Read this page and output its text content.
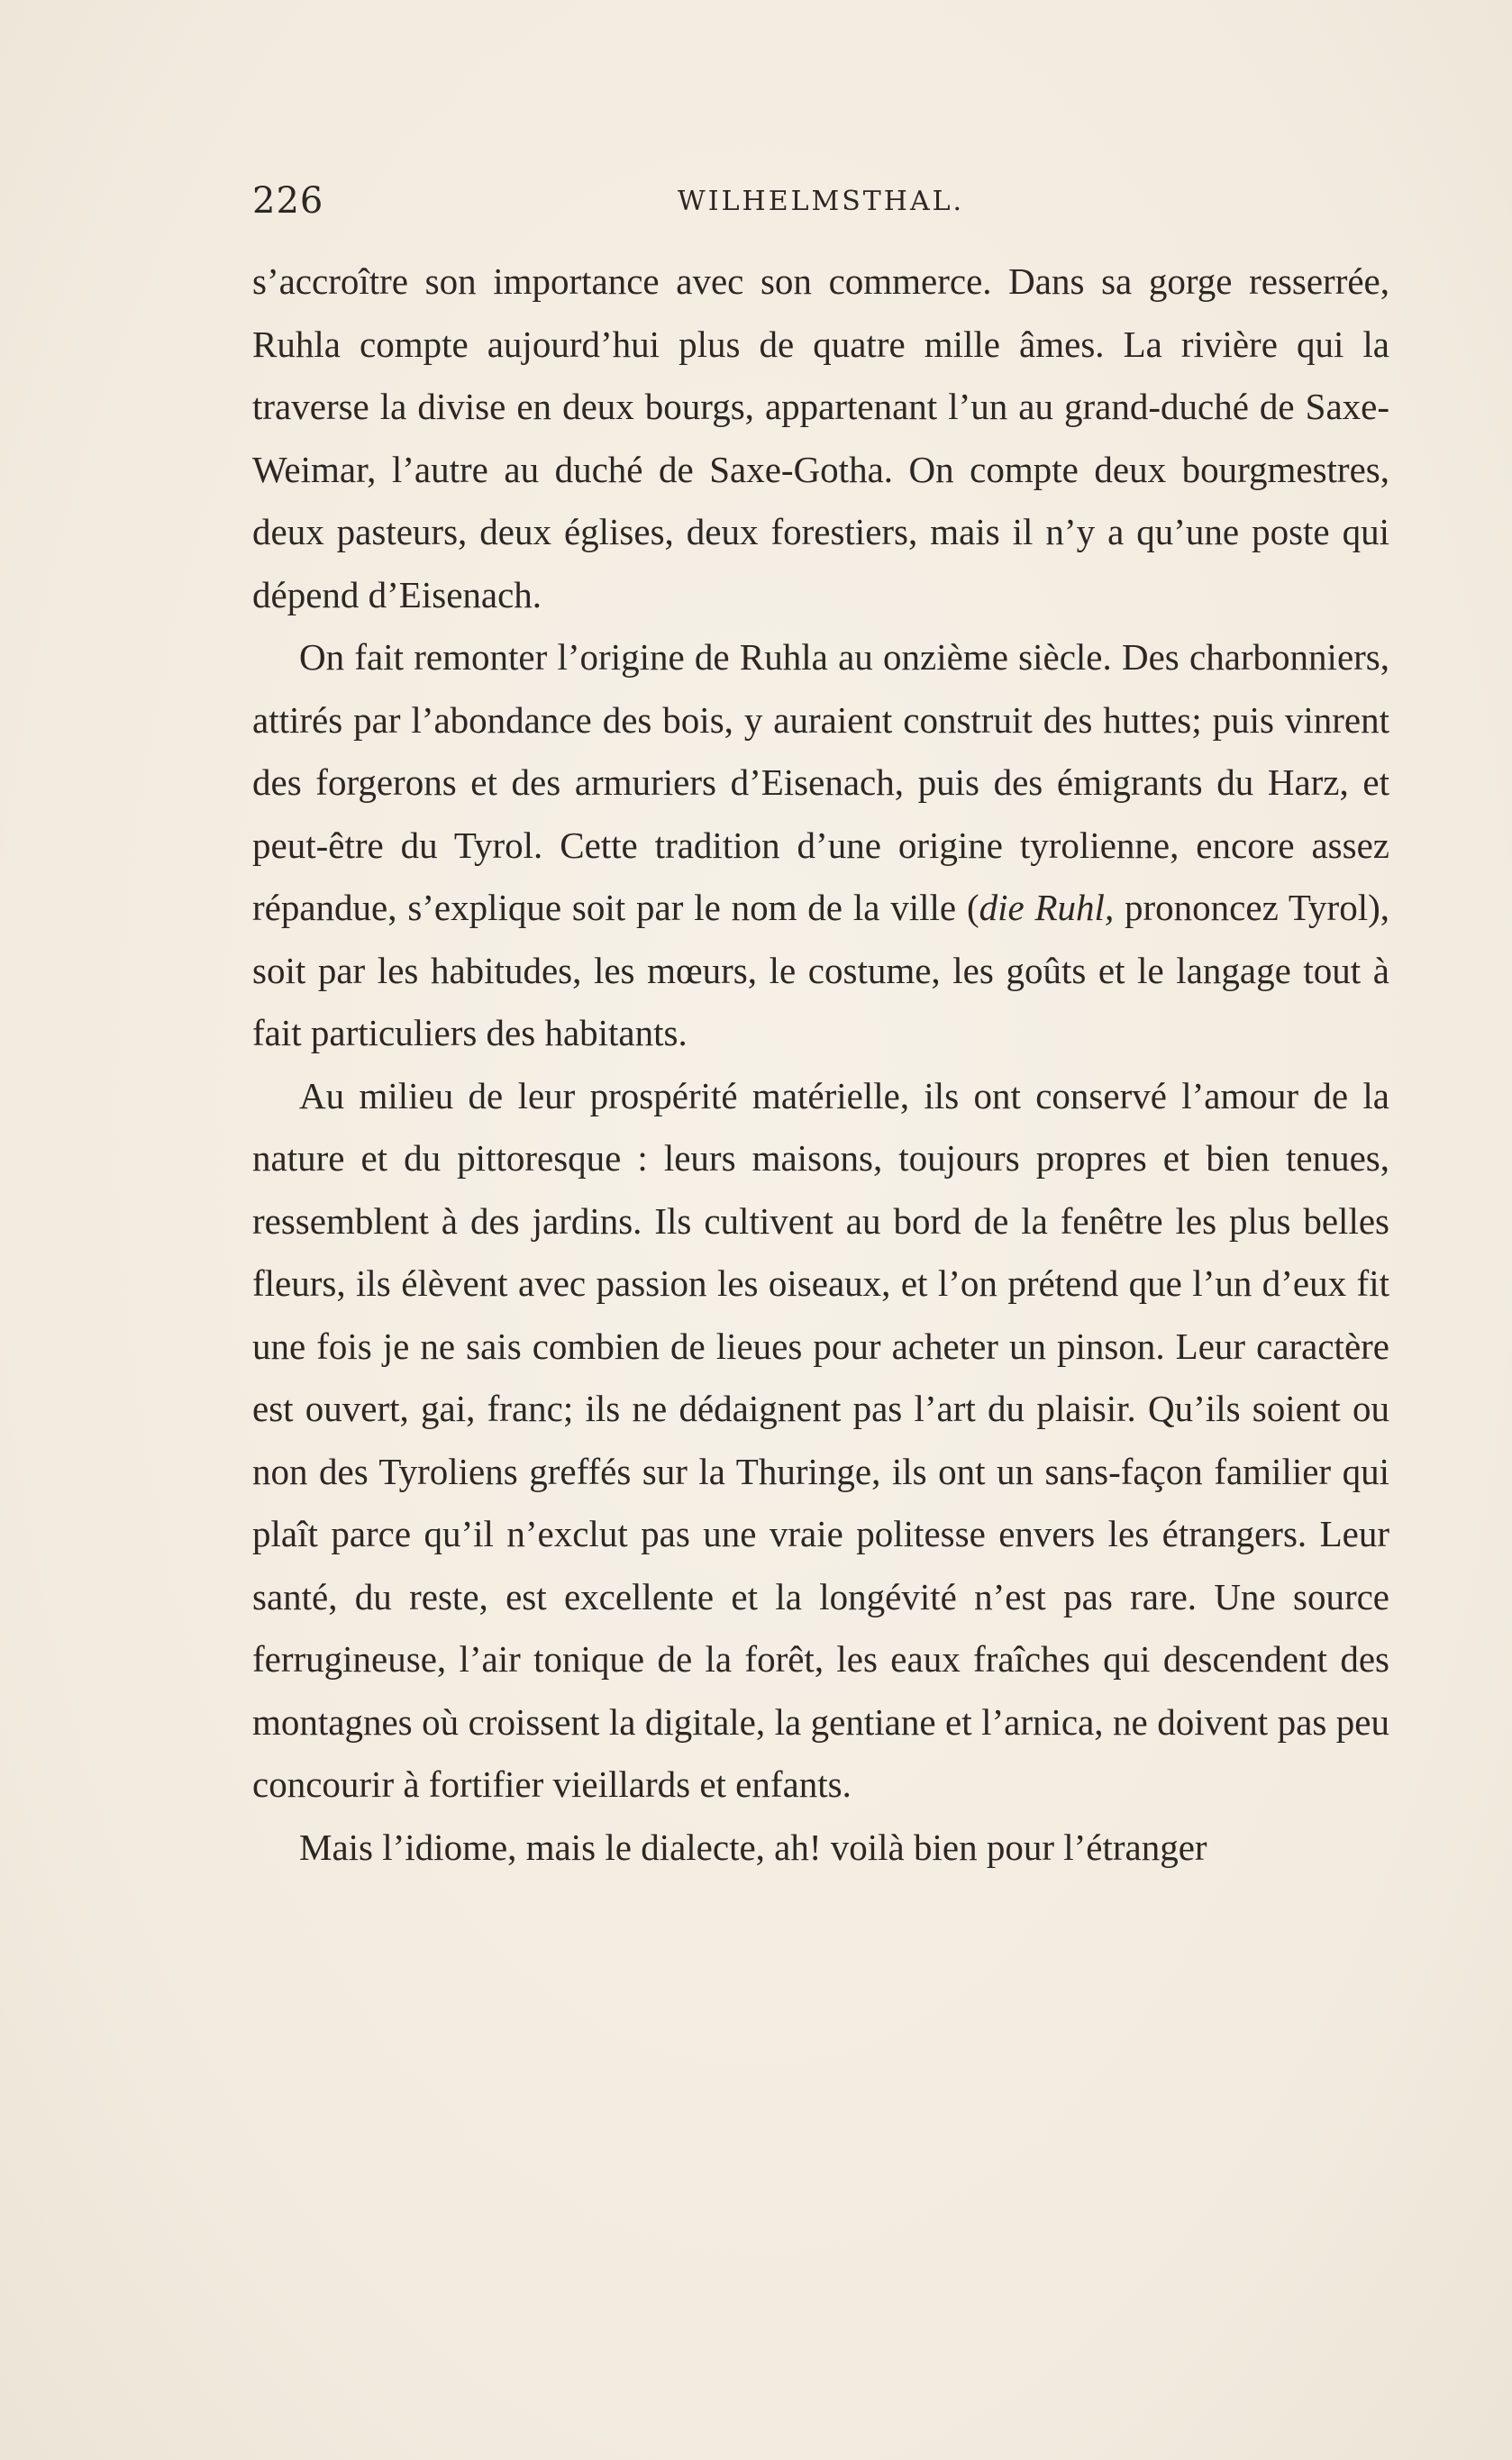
226	WILHELMSTHAL.

s’accroître son importance avec son commerce. Dans sa gorge resserrée, Ruhla compte aujourd’hui plus de quatre mille âmes. La rivière qui la traverse la divise en deux bourgs, appartenant l’un au grand-duché de Saxe-Weimar, l’autre au duché de Saxe-Gotha. On compte deux bourgmestres, deux pasteurs, deux églises, deux forestiers, mais il n’y a qu’une poste qui dépend d’Eisenach.

On fait remonter l’origine de Ruhla au onzième siècle. Des charbonniers, attirés par l’abondance des bois, y auraient construit des huttes; puis vinrent des forgerons et des armuriers d’Eisenach, puis des émigrants du Harz, et peut-être du Tyrol. Cette tradition d’une origine tyrolienne, encore assez répandue, s’explique soit par le nom de la ville (die Ruhl, prononcez Tyrol), soit par les habitudes, les mœurs, le costume, les goûts et le langage tout à fait particuliers des habitants.

Au milieu de leur prospérité matérielle, ils ont conservé l’amour de la nature et du pittoresque : leurs maisons, toujours propres et bien tenues, ressemblent à des jardins. Ils cultivent au bord de la fenêtre les plus belles fleurs, ils élèvent avec passion les oiseaux, et l’on prétend que l’un d’eux fit une fois je ne sais combien de lieues pour acheter un pinson. Leur caractère est ouvert, gai, franc; ils ne dédaignent pas l’art du plaisir. Qu’ils soient ou non des Tyroliens greffés sur la Thuringe, ils ont un sans-façon familier qui plaît parce qu’il n’exclut pas une vraie politesse envers les étrangers. Leur santé, du reste, est excellente et la longévité n’est pas rare. Une source ferrugineuse, l’air tonique de la forêt, les eaux fraîches qui descendent des montagnes où croissent la digitale, la gentiane et l’arnica, ne doivent pas peu concourir à fortifier vieillards et enfants.

Mais l’idiome, mais le dialecte, ah! voilà bien pour l’étranger
